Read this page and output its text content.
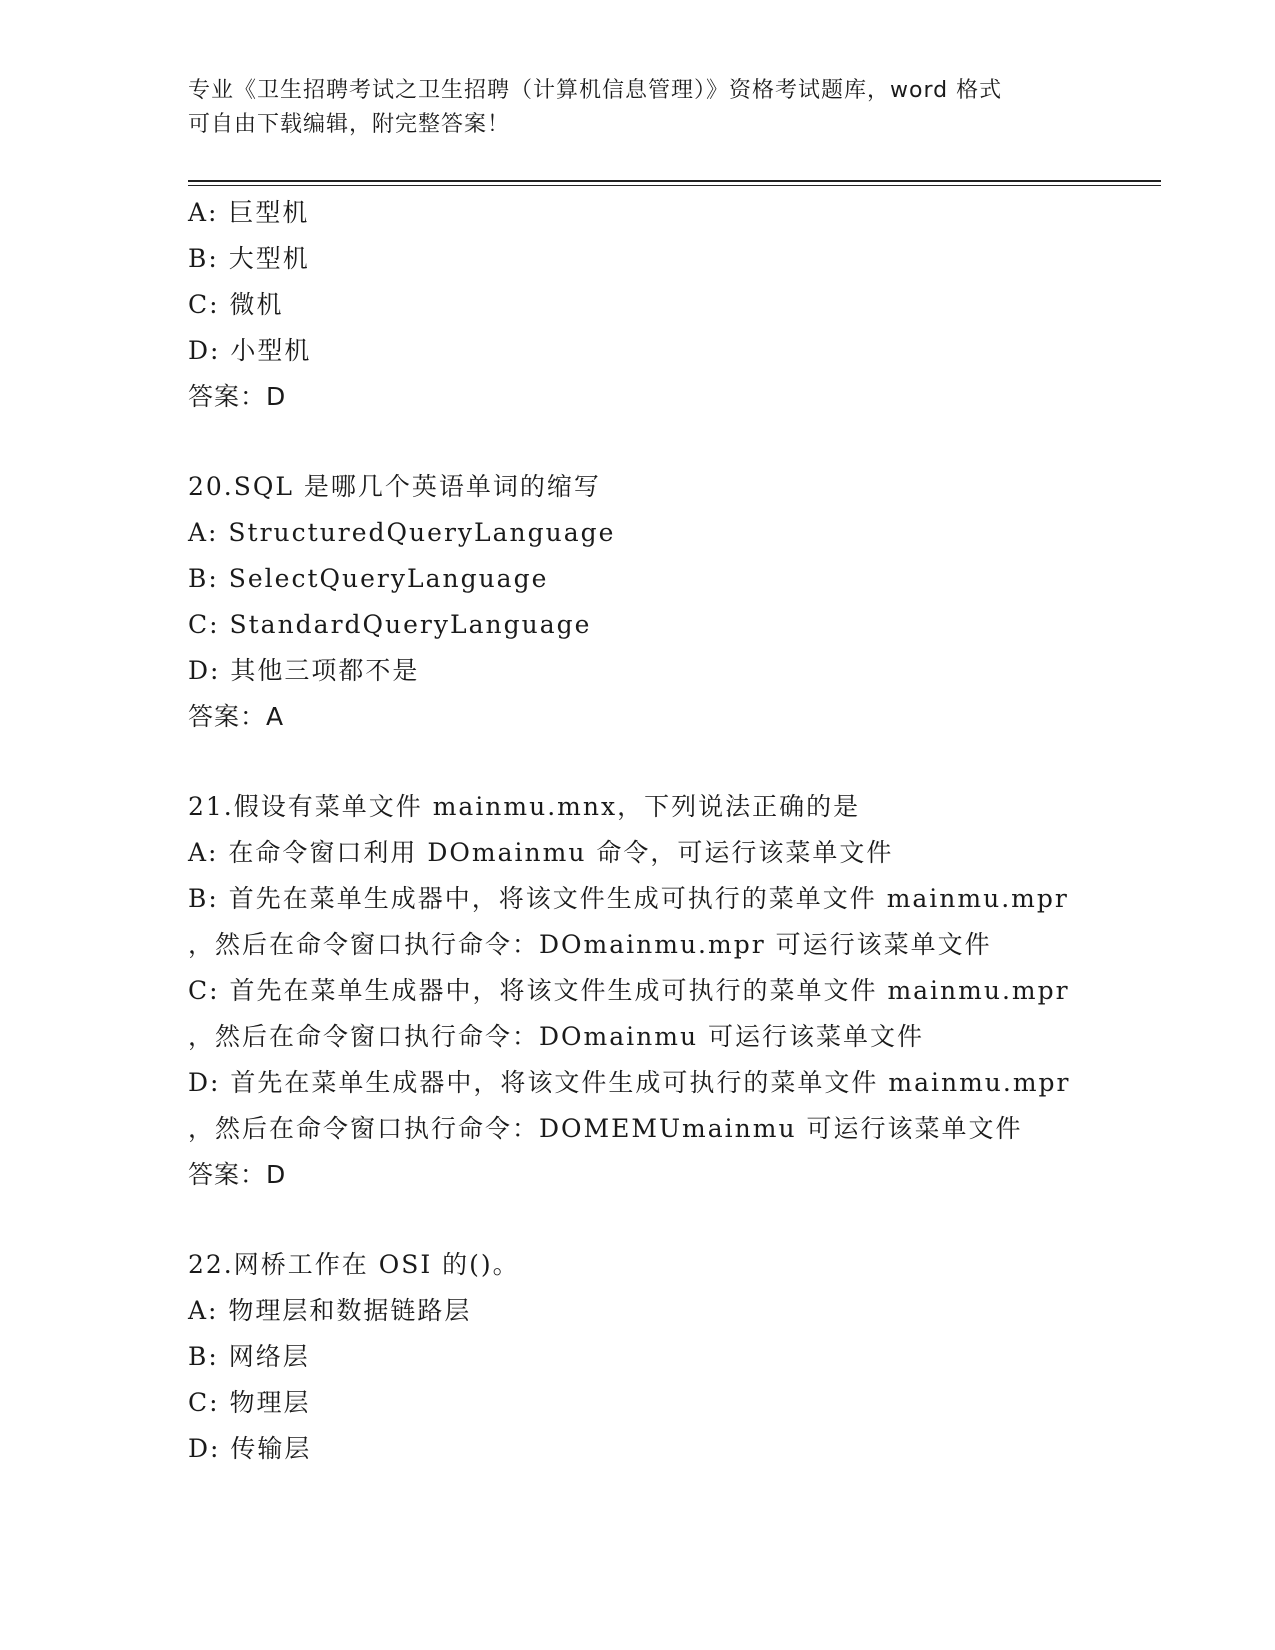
专业《卫生招聘考试之卫生招聘（计算机信息管理）》资格考试题库，word 格式
可自由下载编辑，附完整答案！
A: 巨型机
B: 大型机
C: 微机
D: 小型机
答案：D
20.SQL 是哪几个英语单词的缩写
A: StructuredQueryLanguage
B: SelectQueryLanguage
C: StandardQueryLanguage
D: 其他三项都不是
答案：A
21.假设有菜单文件 mainmu.mnx，下列说法正确的是
A: 在命令窗口利用 DOmainmu 命令，可运行该菜单文件
B: 首先在菜单生成器中，将该文件生成可执行的菜单文件 mainmu.mpr
，然后在命令窗口执行命令：DOmainmu.mpr 可运行该菜单文件
C: 首先在菜单生成器中，将该文件生成可执行的菜单文件 mainmu.mpr
，然后在命令窗口执行命令：DOmainmu 可运行该菜单文件
D: 首先在菜单生成器中，将该文件生成可执行的菜单文件 mainmu.mpr
，然后在命令窗口执行命令：DOMEMUmainmu 可运行该菜单文件
答案：D
22.网桥工作在 OSI 的()。
A: 物理层和数据链路层
B: 网络层
C: 物理层
D: 传输层
